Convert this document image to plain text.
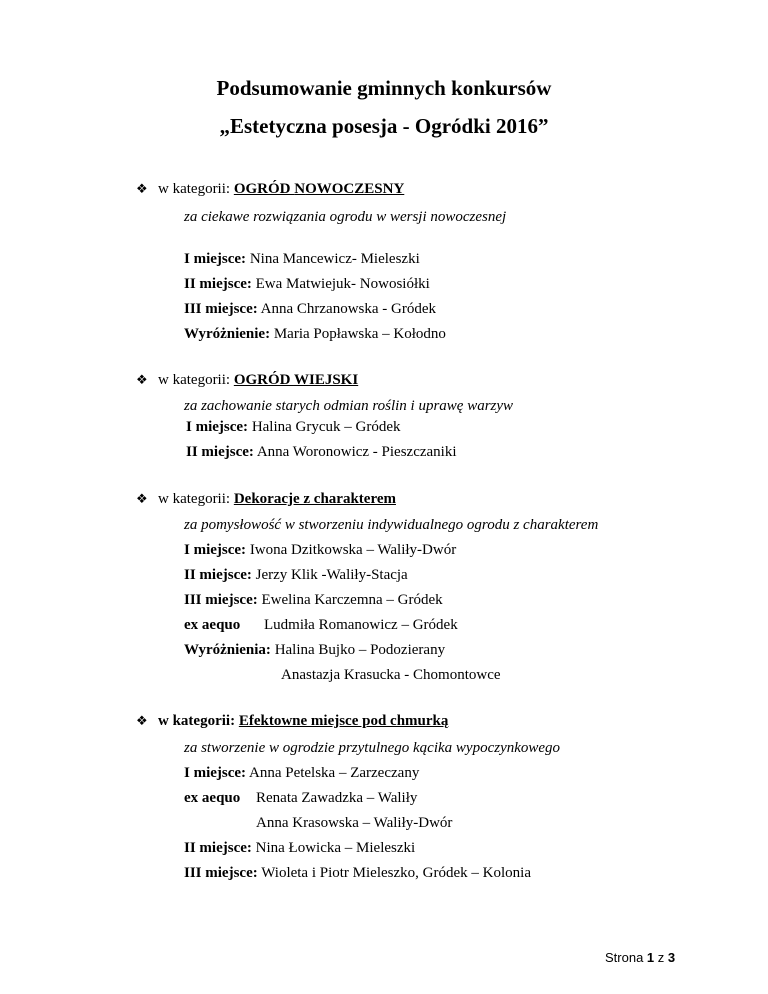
Podsumowanie gminnych konkursów
„Estetyczna posesja - Ogródki 2016”
❖ w kategorii: OGRÓD NOWOCZESNY
za ciekawe rozwiązania ogrodu w wersji nowoczesnej
I miejsce: Nina Mancewicz- Mieleszki
II miejsce: Ewa Matwiejuk- Nowosiółki
III miejsce: Anna Chrzanowska - Gródek
Wyróżnienie: Maria Popławska – Kołodno
❖ w kategorii: OGRÓD WIEJSKI
za zachowanie starych odmian roślin i uprawę warzyw
I miejsce: Halina Grycuk – Gródek
II miejsce: Anna Woronowicz - Pieszczaniki
❖ w kategorii: Dekoracje z charakterem
za pomysłowość w stworzeniu indywidualnego ogrodu z charakterem
I miejsce: Iwona Dzitkowska – Waliły-Dwór
II miejsce: Jerzy Klik -Waliły-Stacja
III miejsce: Ewelina Karczemna – Gródek
ex aequo Ludmiła Romanowicz – Gródek
Wyróżnienia: Halina Bujko – Podozierany
Anastazja Krasucka - Chomontowce
❖ w kategorii: Efektowne miejsce pod chmurką
za stworzenie w ogrodzie przytulnego kącika wypoczynkowego
I miejsce: Anna Petelska – Zarzeczany
ex aequo Renata Zawadzka – Waliły
Anna Krasowska – Waliły-Dwór
II miejsce: Nina Łowicka – Mieleszki
III miejsce: Wioleta i Piotr Mieleszko, Gródek – Kolonia
Strona 1 z 3
